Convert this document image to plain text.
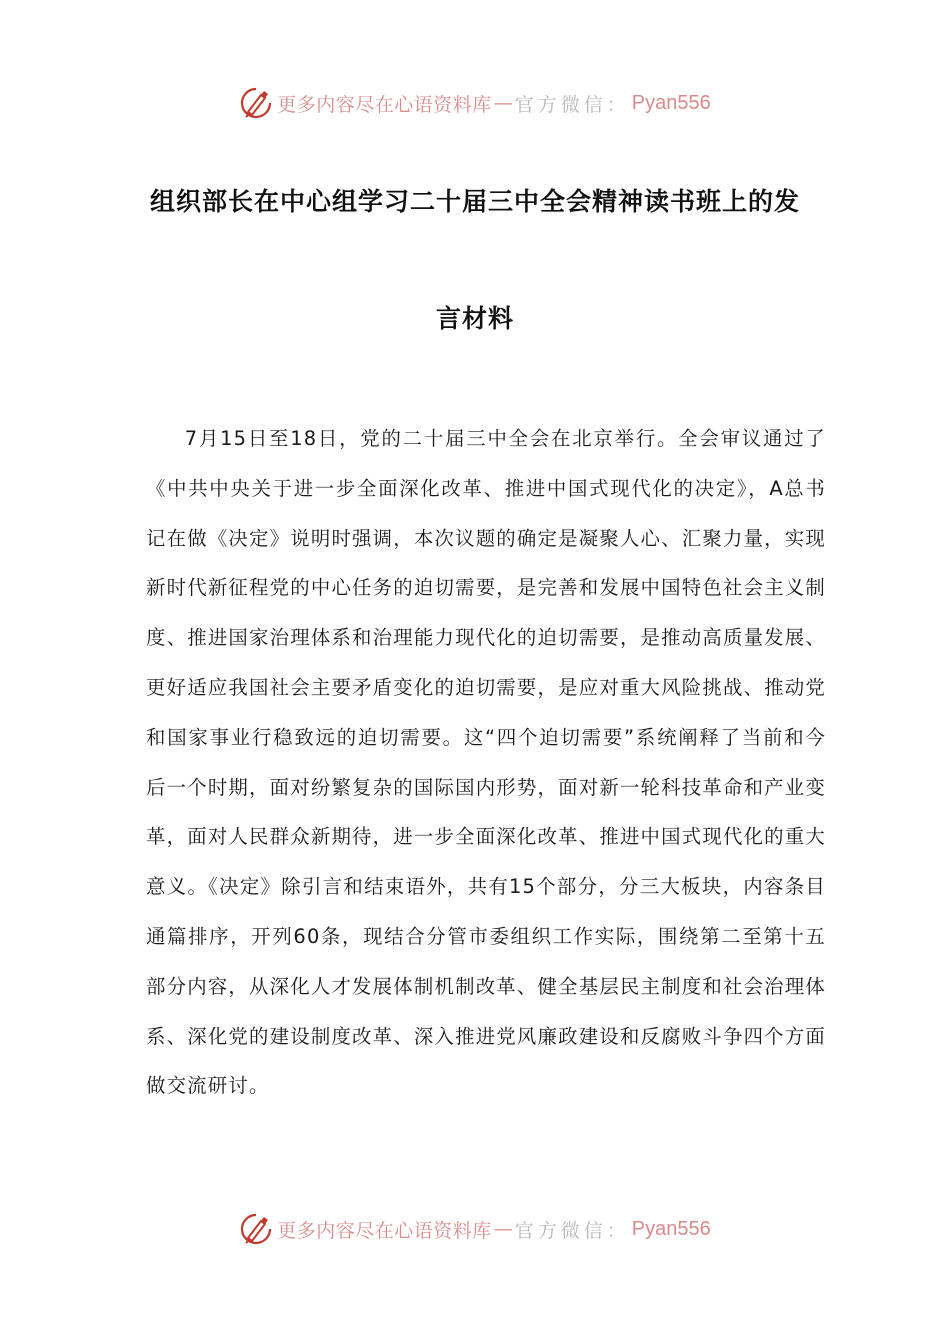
更多内容尽在心语资料库 — 官方微信： Pyan556
组织部长在中心组学习二十届三中全会精神读书班上的发
言材料

7月15日至18日，党的二十届三中全会在北京举行。全会审议通过了《中共中央关于进一步全面深化改革、推进中国式现代化的决定》，A总书记在做《决定》说明时强调，本次议题的确定是凝聚人心、汇聚力量，实现新时代新征程党的中心任务的迫切需要，是完善和发展中国特色社会主义制度、推进国家治理体系和治理能力现代化的迫切需要，是推动高质量发展、更好适应我国社会主要矛盾变化的迫切需要，是应对重大风险挑战、推动党和国家事业行稳致远的迫切需要。这“四个迫切需要”系统阐释了当前和今后一个时期，面对纷繁复杂的国际国内形势，面对新一轮科技革命和产业变革，面对人民群众新期待，进一步全面深化改革、推进中国式现代化的重大意义。《决定》除引言和结束语外，共有15个部分，分三大板块，内容条目通篇排序，开列60条，现结合分管市委组织工作实际，围绕第二至第十五部分内容，从深化人才发展体制机制改革、健全基层民主制度和社会治理体系、深化党的建设制度改革、深入推进党风廉政建设和反腐败斗争四个方面做交流研讨。

更多内容尽在心语资料库 — 官方微信： Pyan556
